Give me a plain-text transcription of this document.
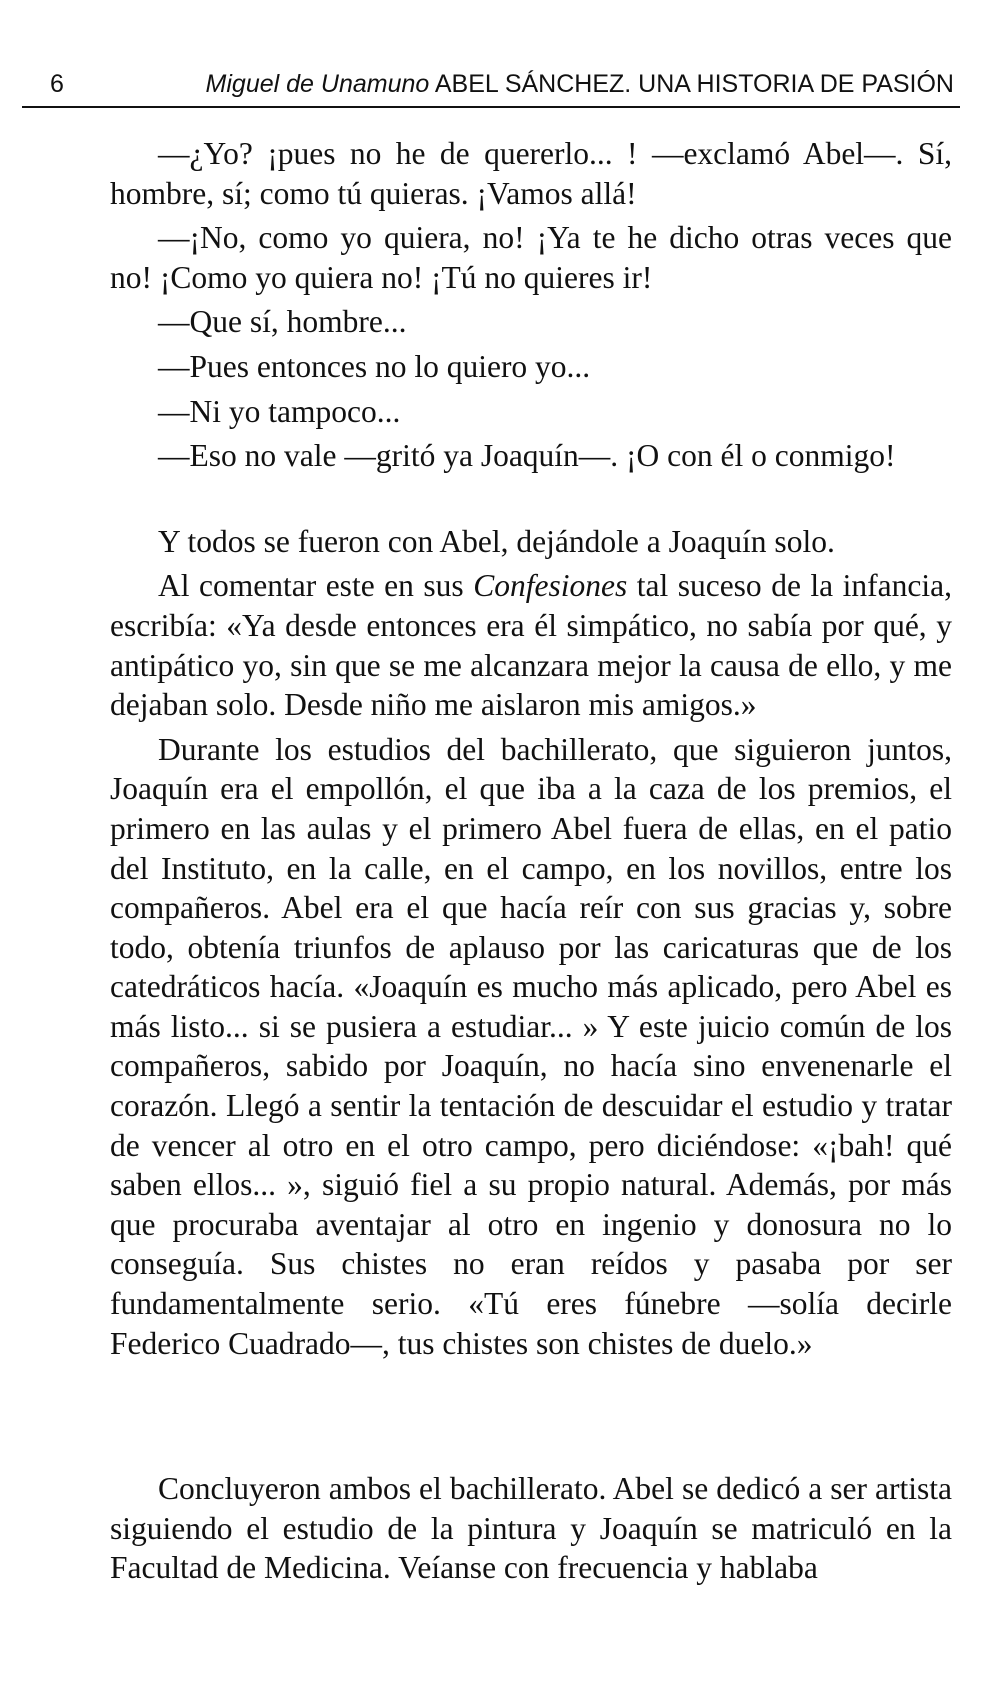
6	Miguel de Unamuno ABEL SÁNCHEZ. UNA HISTORIA DE PASIÓN

—¿Yo? ¡pues no he de quererlo... ! —exclamó Abel—. Sí, hombre, sí; como tú quieras. ¡Vamos allá!

—¡No, como yo quiera, no! ¡Ya te he dicho otras veces que no! ¡Como yo quiera no! ¡Tú no quieres ir!

—Que sí, hombre...

—Pues entonces no lo quiero yo...

—Ni yo tampoco...

—Eso no vale —gritó ya Joaquín—. ¡O con él o conmigo!

Y todos se fueron con Abel, dejándole a Joaquín solo.

Al comentar este en sus Confesiones tal suceso de la infancia, escribía: «Ya desde entonces era él simpático, no sabía por qué, y antipático yo, sin que se me alcanzara mejor la causa de ello, y me dejaban solo. Desde niño me aislaron mis amigos.»

Durante los estudios del bachillerato, que siguieron juntos, Joaquín era el empollón, el que iba a la caza de los premios, el primero en las aulas y el primero Abel fuera de ellas, en el patio del Instituto, en la calle, en el campo, en los novillos, entre los compañeros. Abel era el que hacía reír con sus gracias y, sobre todo, obtenía triunfos de aplauso por las caricaturas que de los catedráticos hacía. «Joaquín es mucho más aplicado, pero Abel es más listo... si se pusiera a estudiar... » Y este juicio común de los compañeros, sabido por Joaquín, no hacía sino envenenarle el corazón. Llegó a sentir la tentación de descuidar el estudio y tratar de vencer al otro en el otro campo, pero diciéndose: «¡bah! qué saben ellos... », siguió fiel a su propio natural. Además, por más que procuraba aventajar al otro en ingenio y donosura no lo conseguía. Sus chistes no eran reídos y pasaba por ser fundamentalmente serio. «Tú eres fúnebre —solía decirle Federico Cuadrado—, tus chistes son chistes de duelo.»

Concluyeron ambos el bachillerato. Abel se dedicó a ser artista siguiendo el estudio de la pintura y Joaquín se matriculó en la Facultad de Medicina. Veíanse con frecuencia y hablaba
